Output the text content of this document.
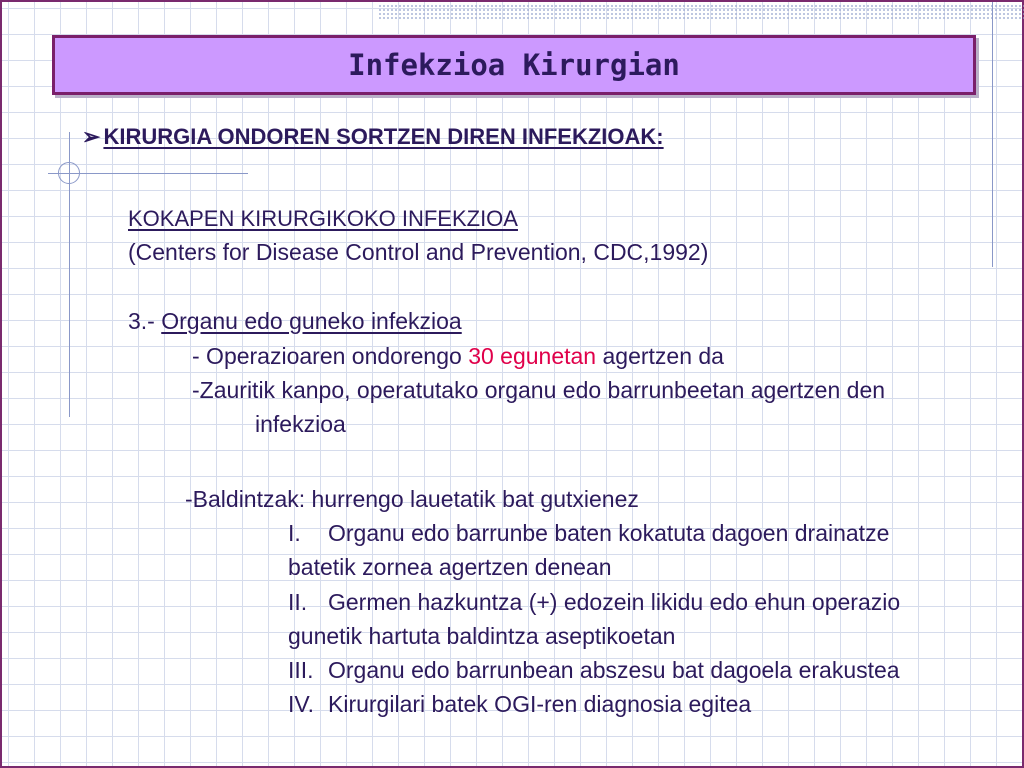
Infekzioa Kirurgian
➢ KIRURGIA ONDOREN SORTZEN DIREN INFEKZIOAK:
KOKAPEN KIRURGIKOKO INFEKZIOA
(Centers for Disease Control and Prevention, CDC,1992)
3.- Organu edo guneko infekzioa
- Operazioaren ondorengo 30 egunetan agertzen da
-Zauritik kanpo, operatutako organu edo barrunbeetan agertzen den
infekzioa
-Baldintzak: hurrengo lauetatik bat gutxienez
I. Organu edo barrunbe baten kokatuta dagoen drainatze
batetik zornea agertzen denean
II. Germen hazkuntza (+) edozein likidu edo ehun operazio
gunetik hartuta baldintza aseptikoetan
III. Organu edo barrunbean abszesu bat dagoela erakustea
IV. Kirurgilari batek OGI-ren diagnosia egitea
